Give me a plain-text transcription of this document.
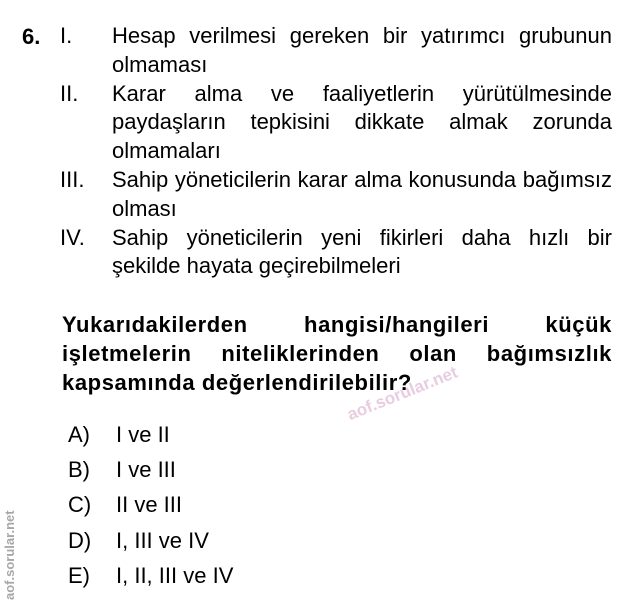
6. I.	Hesap verilmesi gereken bir yatırımcı grubunun olmaması
II.	Karar alma ve faaliyetlerin yürütülmesinde paydaşların tepkisini dikkate almak zorunda olmamaları
III.	Sahip yöneticilerin karar alma konusunda bağımsız olması
IV.	Sahip yöneticilerin yeni fikirleri daha hızlı bir şekilde hayata geçirebilmeleri
Yukarıdakilerden hangisi/hangileri küçük işletmelerin niteliklerinden olan bağımsızlık kapsamında değerlendirilebilir?
A)	I ve II
B)	I ve III
C)	II ve III
D)	I, III ve IV
E)	I, II, III ve IV
aof.sorular.net
aof.sorular.net
